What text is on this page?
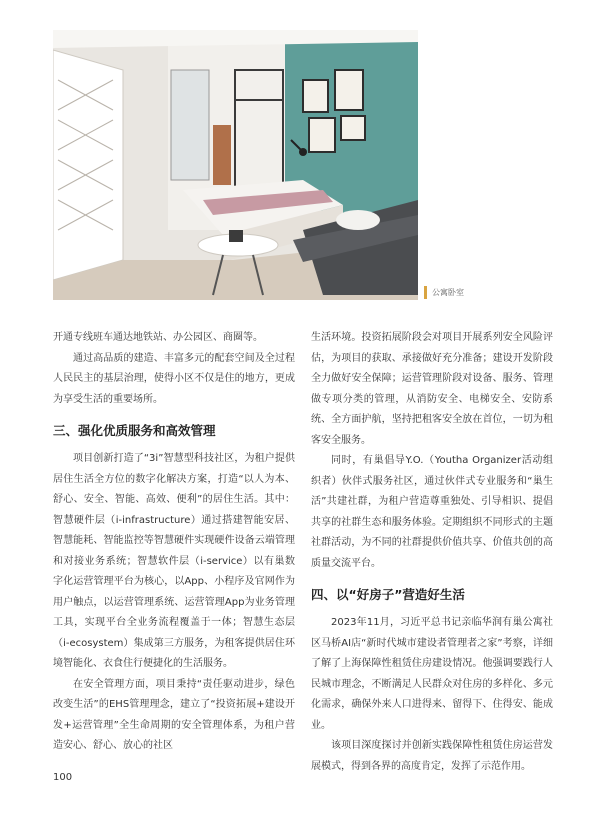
公寓卧室

开通专线班车通达地铁站、办公园区、商圈等。

通过高品质的建造、丰富多元的配套空间及全过程人民民主的基层治理，使得小区不仅是住的地方，更成为享受生活的重要场所。

三、强化优质服务和高效管理

项目创新打造了“3i”智慧型科技社区，为租户提供居住生活全方位的数字化解决方案，打造“以人为本、舒心、安全、智能、高效、便利”的居住生活。其中：智慧硬件层（i-infrastructure）通过搭建智能安居、智慧能耗、智能监控等智慧硬件实现硬件设备云端管理和对接业务系统；智慧软件层（i-service）以有巢数字化运营管理平台为核心，以App、小程序及官网作为用户触点，以运营管理系统、运营管理App为业务管理工具，实现平台全业务流程覆盖于一体；智慧生态层（i-ecosystem）集成第三方服务，为租客提供居住环境智能化、衣食住行便捷化的生活服务。

在安全管理方面，项目秉持“责任驱动进步，绿色改变生活”的EHS管理理念，建立了“投资拓展+建设开发+运营管理”全生命周期的安全管理体系，为租户营造安心、舒心、放心的社区

生活环境。投资拓展阶段会对项目开展系列安全风险评估，为项目的获取、承接做好充分准备；建设开发阶段全力做好安全保障；运营管理阶段对设备、服务、管理做专项分类的管理，从消防安全、电梯安全、安防系统、全方面护航，坚持把租客安全放在首位，一切为租客安全服务。

同时，有巢倡导Y.O.（Youtha Organizer活动组织者）伙伴式服务社区，通过伙伴式专业服务和“巢生活”共建社群，为租户营造尊重独处、引导相识、提倡共享的社群生态和服务体验。定期组织不同形式的主题社群活动，为不同的社群提供价值共享、价值共创的高质量交流平台。

四、以“好房子”营造好生活

2023年11月，习近平总书记亲临华润有巢公寓社区马桥AI店“新时代城市建设者管理者之家”考察，详细了解了上海保障性租赁住房建设情况。他强调要践行人民城市理念，不断满足人民群众对住房的多样化、多元化需求，确保外来人口进得来、留得下、住得安、能成业。

该项目深度探讨并创新实践保障性租赁住房运营发展模式，得到各界的高度肯定，发挥了示范作用。

100
